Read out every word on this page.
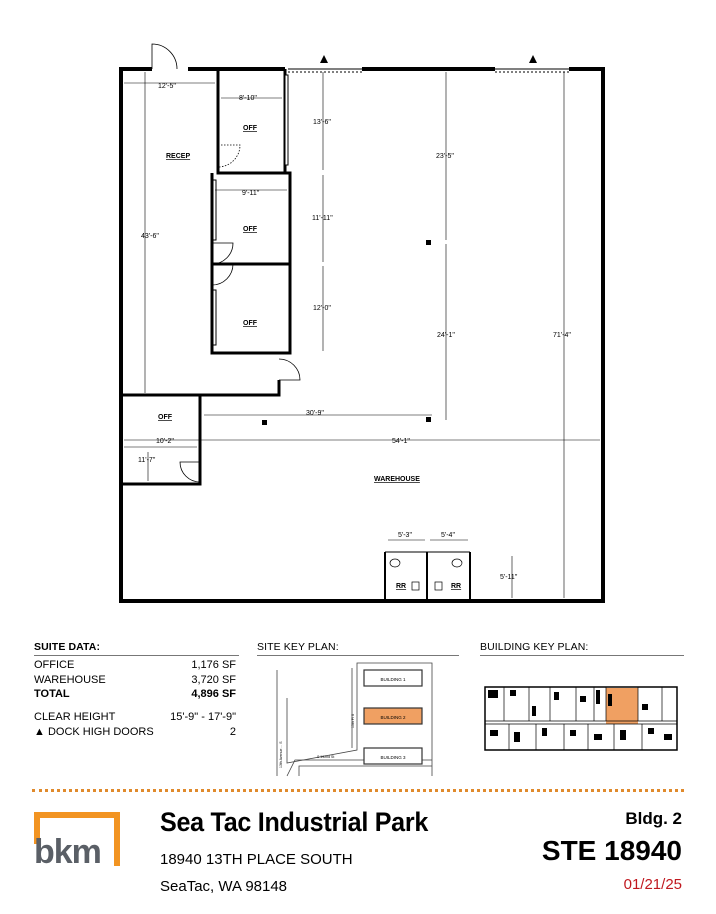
RECEP
OFF
OFF
OFF
OFF
WAREHOUSE
RR	RR
12'-5"
8'-10"
13'-6"
23'-5"
9'-11"
11'-11"
43'-6"
12'-0"
24'-1"	71'-4"
30'-9"
10'-2"	54'-1"
11'-7"
5'-3"	5'-4"
5'-11"
SUITE DATA:
OFFICE	1,176 SF
WAREHOUSE	3,720 SF
TOTAL	4,896 SF
CLEAR HEIGHT	15'-9" - 17'-9"
▲ DOCK HIGH DOORS	2
SITE KEY PLAN:
BUILDING 1
BUILDING 2
BUILDING 3
13th Avenue ... S	S 192nd St
15th Pl S
BUILDING KEY PLAN:
bkm
Sea Tac Industrial Park
18940 13TH PLACE SOUTH
SeaTac, WA 98148
Bldg. 2
STE 18940
01/21/25
